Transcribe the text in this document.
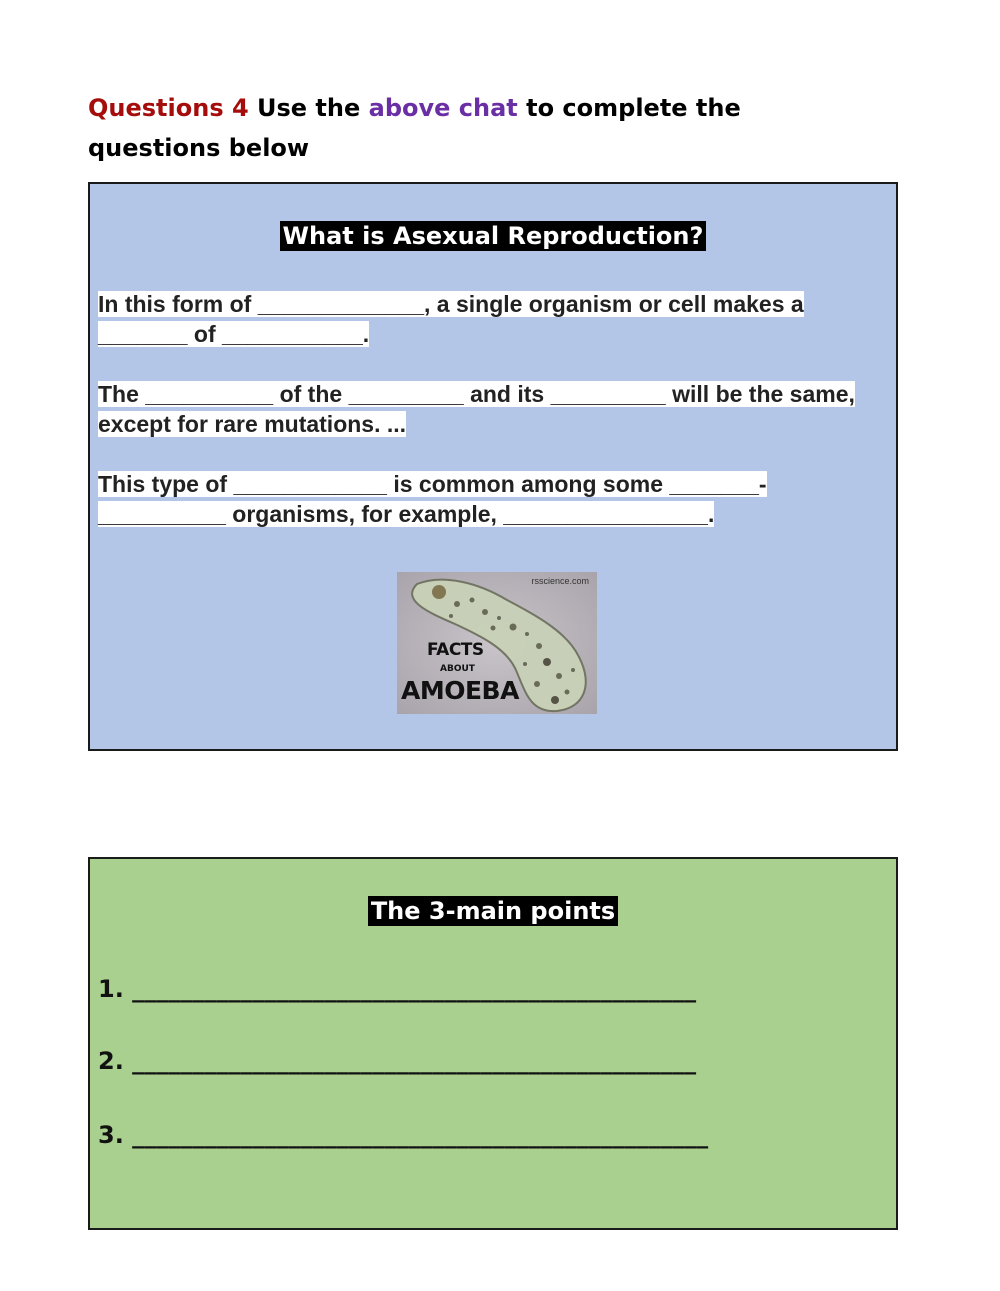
Questions 4 Use the above chat to complete the questions below
What is Asexual Reproduction?
In this form of _____________, a single organism or cell makes a _______ of ___________.
The __________ of the _________ and its _________ will be the same, except for rare mutations. ...
This type of ____________ is common among some _______-__________ organisms, for example, ________________.
rsscience.com
FACTS
ABOUT
AMOEBA
The 3-main points
1. _______________________________________________
2. _______________________________________________
3. ________________________________________________
